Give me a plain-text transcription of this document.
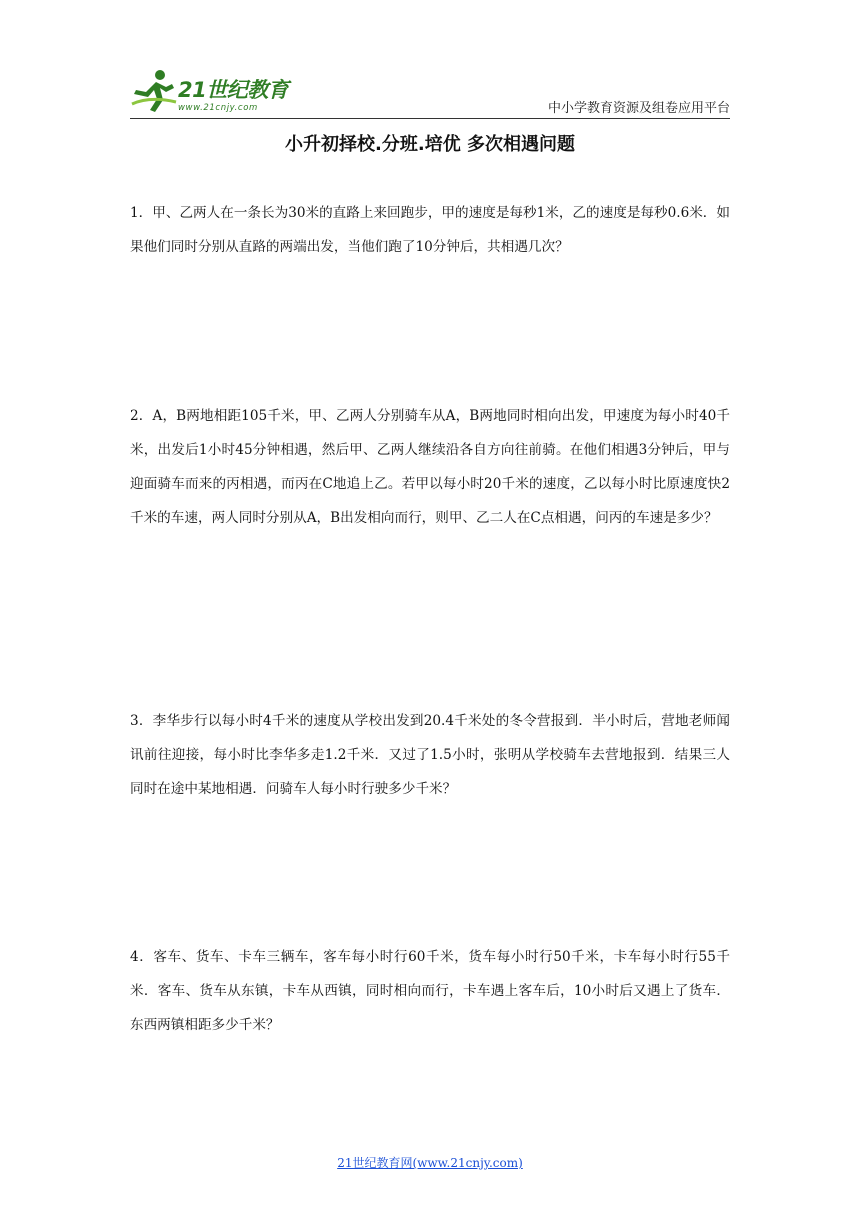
21世纪教育
www.21cnjy.com	中小学教育资源及组卷应用平台
小升初择校.分班.培优 多次相遇问题
1．甲、乙两人在一条长为30米的直路上来回跑步，甲的速度是每秒1米，乙的速度是每秒0.6米．如果他们同时分别从直路的两端出发，当他们跑了10分钟后，共相遇几次？
2．A，B两地相距105千米，甲、乙两人分别骑车从A，B两地同时相向出发，甲速度为每小时40千米，出发后1小时45分钟相遇，然后甲、乙两人继续沿各自方向往前骑。在他们相遇3分钟后，甲与迎面骑车而来的丙相遇，而丙在C地追上乙。若甲以每小时20千米的速度，乙以每小时比原速度快2千米的车速，两人同时分别从A，B出发相向而行，则甲、乙二人在C点相遇，问丙的车速是多少？
3．李华步行以每小时4千米的速度从学校出发到20.4千米处的冬令营报到．半小时后，营地老师闻讯前往迎接，每小时比李华多走1.2千米．又过了1.5小时，张明从学校骑车去营地报到．结果三人同时在途中某地相遇．问骑车人每小时行驶多少千米？
4．客车、货车、卡车三辆车，客车每小时行60千米，货车每小时行50千米，卡车每小时行55千米．客车、货车从东镇，卡车从西镇，同时相向而行，卡车遇上客车后，10小时后又遇上了货车．东西两镇相距多少千米？
21世纪教育网(www.21cnjy.com)
